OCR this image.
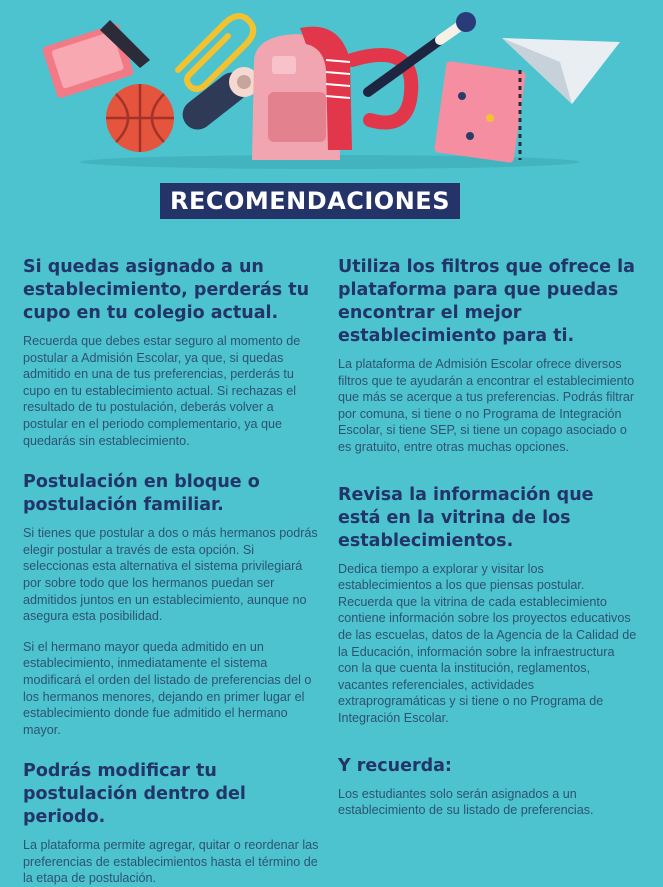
RECOMENDACIONES
Si quedas asignado a un establecimiento, perderás tu cupo en tu colegio actual.

Recuerda que debes estar seguro al momento de postular a Admisión Escolar, ya que, si quedas admitido en una de tus preferencias, perderás tu cupo en tu establecimiento actual. Si rechazas el resultado de tu postulación, deberás volver a postular en el periodo complementario, ya que quedarás sin establecimiento.

Postulación en bloque o postulación familiar.

Si tienes que postular a dos o más hermanos podrás elegir postular a través de esta opción. Si seleccionas esta alternativa el sistema privilegiará por sobre todo que los hermanos puedan ser admitidos juntos en un establecimiento, aunque no asegura esta posibilidad.

Si el hermano mayor queda admitido en un establecimiento, inmediatamente el sistema modificará el orden del listado de preferencias del o los hermanos menores, dejando en primer lugar el establecimiento donde fue admitido el hermano mayor.

Podrás modificar tu postulación dentro del periodo.

La plataforma permite agregar, quitar o reordenar las preferencias de establecimientos hasta el término de la etapa de postulación.

Utiliza los filtros que ofrece la plataforma para que puedas encontrar el mejor establecimiento para ti.

La plataforma de Admisión Escolar ofrece diversos filtros que te ayudarán a encontrar el establecimiento que más se acerque a tus preferencias. Podrás filtrar por comuna, si tiene o no Programa de Integración Escolar, si tiene SEP, si tiene un copago asociado o es gratuito, entre otras muchas opciones.

Revisa la información que está en la vitrina de los establecimientos.

Dedica tiempo a explorar y visitar los establecimientos a los que piensas postular. Recuerda que la vitrina de cada establecimiento contiene información sobre los proyectos educativos de las escuelas, datos de la Agencia de la Calidad de la Educación, información sobre la infraestructura con la que cuenta la institución, reglamentos, vacantes referenciales, actividades extraprogramáticas y si tiene o no Programa de Integración Escolar.

Y recuerda:

Los estudiantes solo serán asignados a un establecimiento de su listado de preferencias.
